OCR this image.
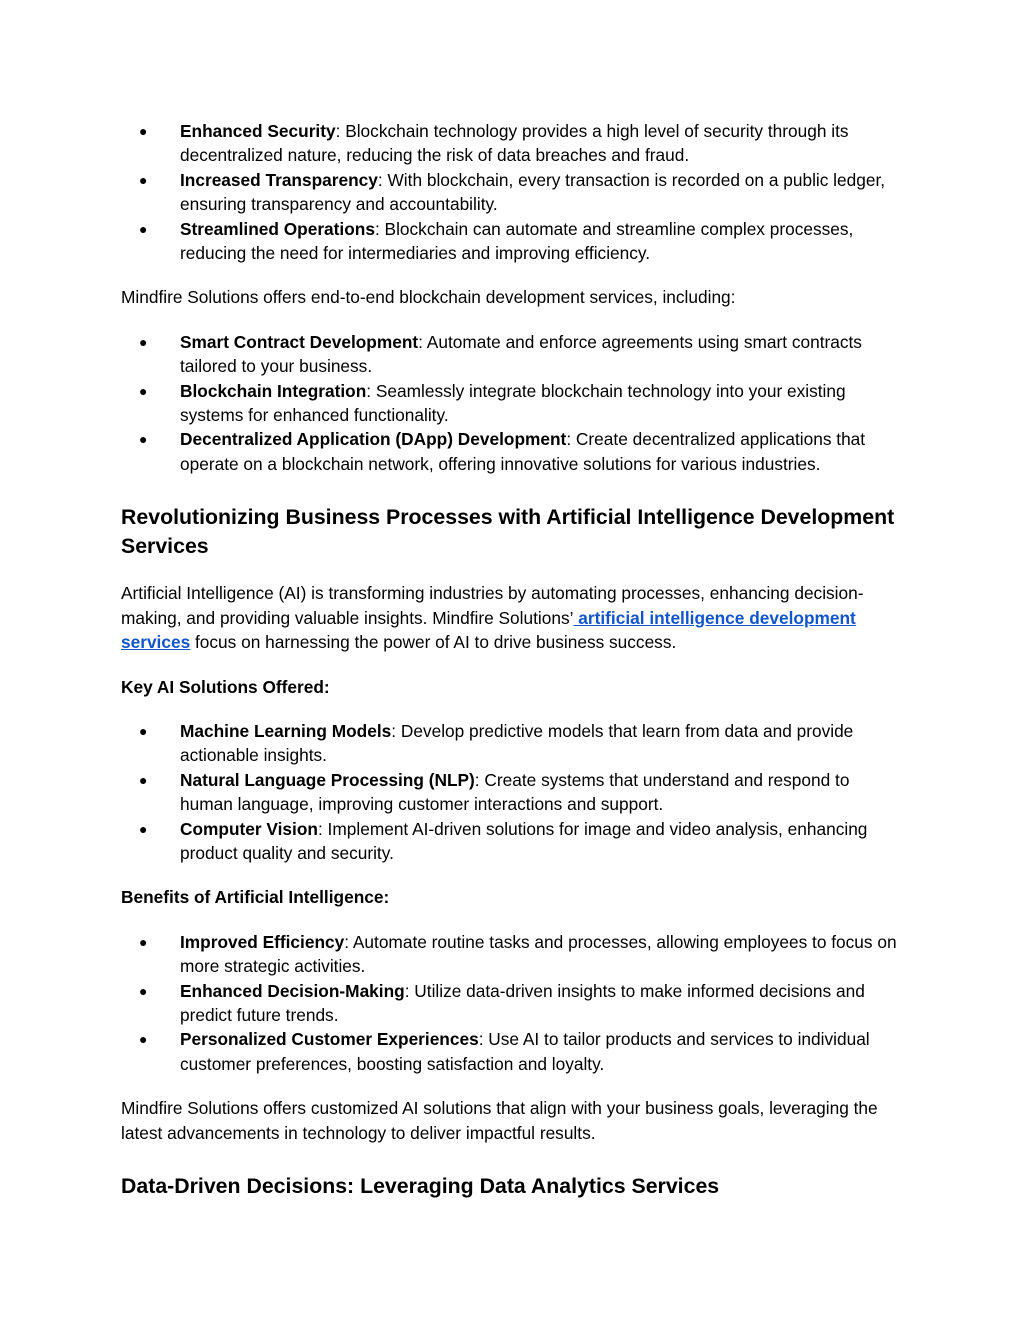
● Enhanced Security: Blockchain technology provides a high level of security through its decentralized nature, reducing the risk of data breaches and fraud.
● Increased Transparency: With blockchain, every transaction is recorded on a public ledger, ensuring transparency and accountability.
● Streamlined Operations: Blockchain can automate and streamline complex processes, reducing the need for intermediaries and improving efficiency.

Mindfire Solutions offers end-to-end blockchain development services, including:

● Smart Contract Development: Automate and enforce agreements using smart contracts tailored to your business.
● Blockchain Integration: Seamlessly integrate blockchain technology into your existing systems for enhanced functionality.
● Decentralized Application (DApp) Development: Create decentralized applications that operate on a blockchain network, offering innovative solutions for various industries.
Revolutionizing Business Processes with Artificial Intelligence Development Services

Artificial Intelligence (AI) is transforming industries by automating processes, enhancing decision-making, and providing valuable insights. Mindfire Solutions’ artificial intelligence development services focus on harnessing the power of AI to drive business success.

Key AI Solutions Offered:

● Machine Learning Models: Develop predictive models that learn from data and provide actionable insights.
● Natural Language Processing (NLP): Create systems that understand and respond to human language, improving customer interactions and support.
● Computer Vision: Implement AI-driven solutions for image and video analysis, enhancing product quality and security.

Benefits of Artificial Intelligence:

● Improved Efficiency: Automate routine tasks and processes, allowing employees to focus on more strategic activities.
● Enhanced Decision-Making: Utilize data-driven insights to make informed decisions and predict future trends.
● Personalized Customer Experiences: Use AI to tailor products and services to individual customer preferences, boosting satisfaction and loyalty.

Mindfire Solutions offers customized AI solutions that align with your business goals, leveraging the latest advancements in technology to deliver impactful results.

Data-Driven Decisions: Leveraging Data Analytics Services
